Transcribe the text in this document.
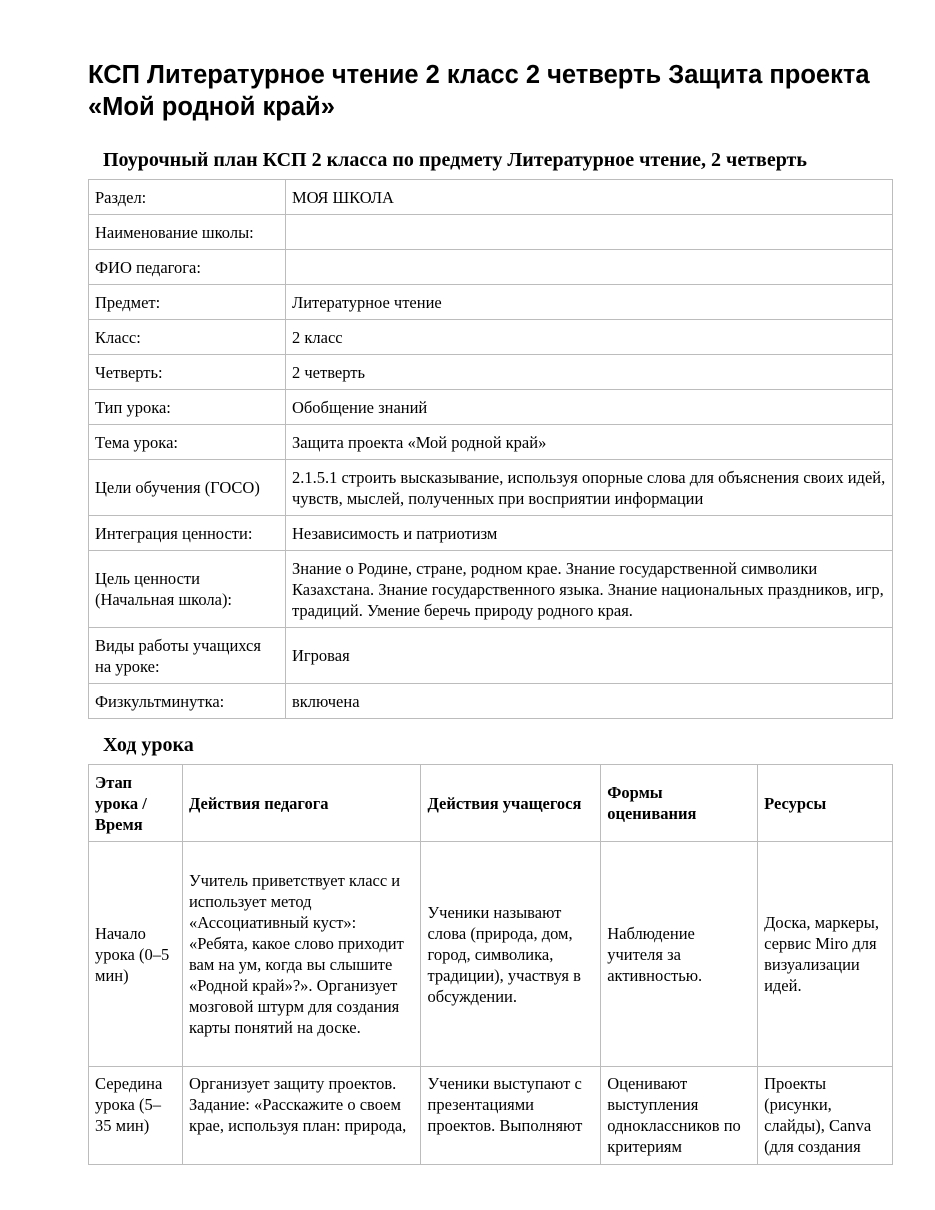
КСП Литературное чтение 2 класс 2 четверть Защита проекта «Мой родной край»
Поурочный план КСП 2 класса по предмету Литературное чтение, 2 четверть
Раздел:	МОЯ ШКОЛА
Наименование школы:	
ФИО педагога:	
Предмет:	Литературное чтение
Класс:	2 класс
Четверть:	2 четверть
Тип урока:	Обобщение знаний
Тема урока:	Защита проекта «Мой родной край»
Цели обучения (ГОСО)	2.1.5.1 строить высказывание, используя опорные слова для объяснения своих идей, чувств, мыслей, полученных при восприятии информации
Интеграция ценности:	Независимость и патриотизм
Цель ценности (Начальная школа):	Знание о Родине, стране, родном крае. Знание государственной символики Казахстана. Знание государственного языка. Знание национальных праздников, игр, традиций. Умение беречь природу родного края.
Виды работы учащихся на уроке:	Игровая
Физкультминутка:	включена
Ход урока
Этап урока / Время	Действия педагога	Действия учащегося	Формы оценивания	Ресурсы
Начало урока (0–5 мин)	Учитель приветствует класс и использует метод «Ассоциативный куст»: «Ребята, какое слово приходит вам на ум, когда вы слышите «Родной край»?». Организует мозговой штурм для создания карты понятий на доске.	Ученики называют слова (природа, дом, город, символика, традиции), участвуя в обсуждении.	Наблюдение учителя за активностью.	Доска, маркеры, сервис Miro для визуализации идей.
Середина урока (5–35 мин)	Организует защиту проектов. Задание: «Расскажите о своем крае, используя план: природа,	Ученики выступают с презентациями проектов. Выполняют	Оценивают выступления одноклассников по критериям	Проекты (рисунки, слайды), Canva (для создания
